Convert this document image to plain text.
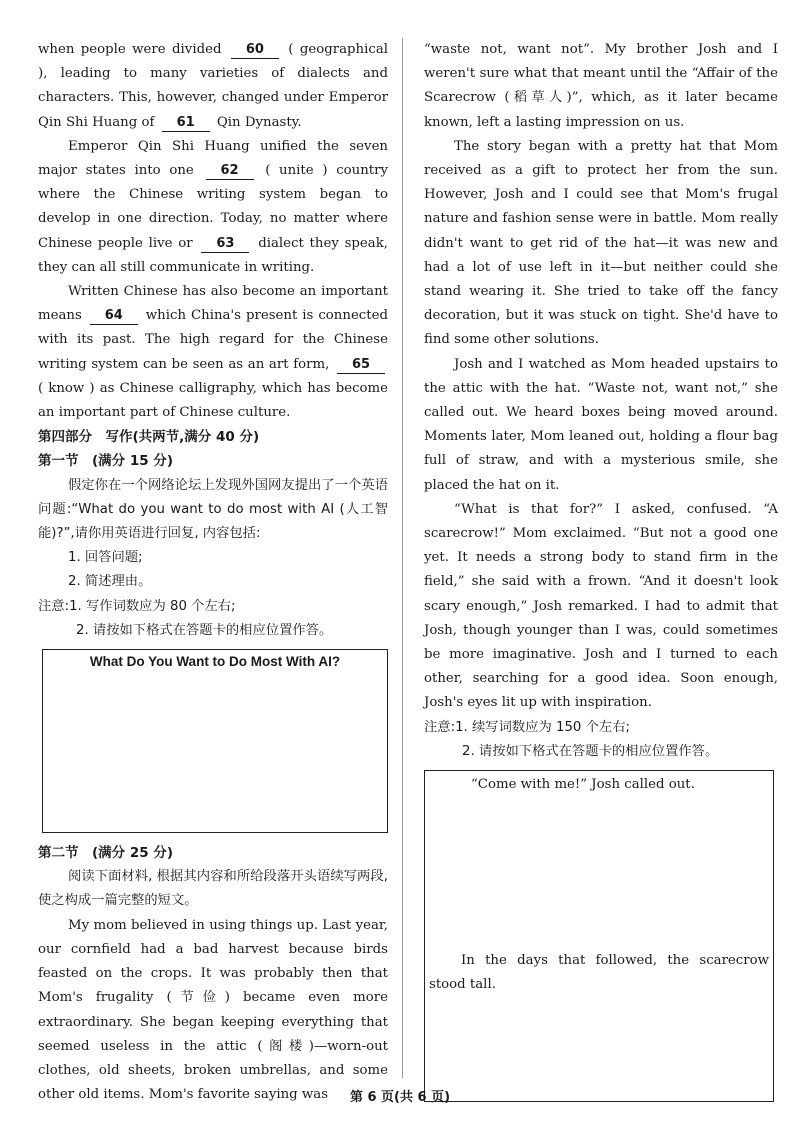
when people were divided 60 ( geographical ), leading to many varieties of dialects and characters. This, however, changed under Emperor Qin Shi Huang of 61 Qin Dynasty.

Emperor Qin Shi Huang unified the seven major states into one 62 ( unite ) country where the Chinese writing system began to develop in one direction. Today, no matter where Chinese people live or 63 dialect they speak, they can all still communicate in writing.

Written Chinese has also become an important means 64 which China's present is connected with its past. The high regard for the Chinese writing system can be seen as an art form, 65 ( know ) as Chinese calligraphy, which has become an important part of Chinese culture.

第四部分　写作(共两节,满分 40 分)
第一节　(满分 15 分)

假定你在一个网络论坛上发现外国网友提出了一个英语问题:“What do you want to do most with AI (人工智能)?”,请你用英语进行回复, 内容包括:

1. 回答问题;
2. 简述理由。
注意:1. 写作词数应为 80 个左右;
2. 请按如下格式在答题卡的相应位置作答。
What Do You Want to Do Most With AI?
第二节　(满分 25 分)

阅读下面材料, 根据其内容和所给段落开头语续写两段, 使之构成一篇完整的短文。

My mom believed in using things up. Last year, our cornfield had a bad harvest because birds feasted on the crops. It was probably then that Mom's frugality (节俭) became even more extraordinary. She began keeping everything that seemed useless in the attic (阁楼)—worn-out clothes, old sheets, broken umbrellas, and some other old items. Mom's favorite saying was

“waste not, want not”. My brother Josh and I weren't sure what that meant until the “Affair of the Scarecrow (稻草人)”, which, as it later became known, left a lasting impression on us.

The story began with a pretty hat that Mom received as a gift to protect her from the sun. However, Josh and I could see that Mom's frugal nature and fashion sense were in battle. Mom really didn't want to get rid of the hat—it was new and had a lot of use left in it—but neither could she stand wearing it. She tried to take off the fancy decoration, but it was stuck on tight. She'd have to find some other solutions.

Josh and I watched as Mom headed upstairs to the attic with the hat. “Waste not, want not,” she called out. We heard boxes being moved around. Moments later, Mom leaned out, holding a flour bag full of straw, and with a mysterious smile, she placed the hat on it.

“What is that for?” I asked, confused. “A scarecrow!” Mom exclaimed. “But not a good one yet. It needs a strong body to stand firm in the field,” she said with a frown. “And it doesn't look scary enough,” Josh remarked. I had to admit that Josh, though younger than I was, could sometimes be more imaginative. Josh and I turned to each other, searching for a good idea. Soon enough, Josh's eyes lit up with inspiration.

注意:1. 续写词数应为 150 个左右;
2. 请按如下格式在答题卡的相应位置作答。
“Come with me!” Josh called out.
In the days that followed, the scarecrow stood tall.
第 6 页(共 6 页)
